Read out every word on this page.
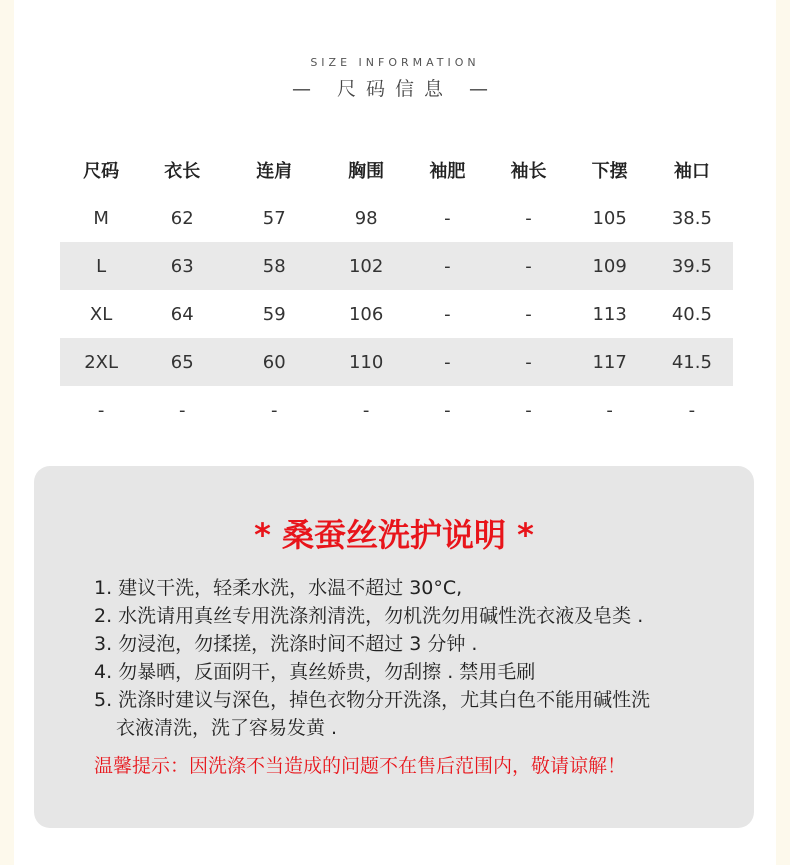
SIZE INFORMATION
— 尺码信息 —
尺码	衣长	连肩	胸围	袖肥	袖长	下摆	袖口
M	62	57	98	-	-	105	38.5
L	63	58	102	-	-	109	39.5
XL	64	59	106	-	-	113	40.5
2XL	65	60	110	-	-	117	41.5
-	-	-	-	-	-	-	-
* 桑蚕丝洗护说明 *
1. 建议干洗，轻柔水洗，水温不超过 30°C,
2. 水洗请用真丝专用洗涤剂清洗，勿机洗勿用碱性洗衣液及皂类 .
3. 勿浸泡，勿揉搓，洗涤时间不超过 3 分钟 .
4. 勿暴晒，反面阴干，真丝娇贵，勿刮擦 . 禁用毛刷
5. 洗涤时建议与深色，掉色衣物分开洗涤，尤其白色不能用碱性洗
衣液清洗，洗了容易发黄 .
温馨提示：因洗涤不当造成的问题不在售后范围内，敬请谅解！
